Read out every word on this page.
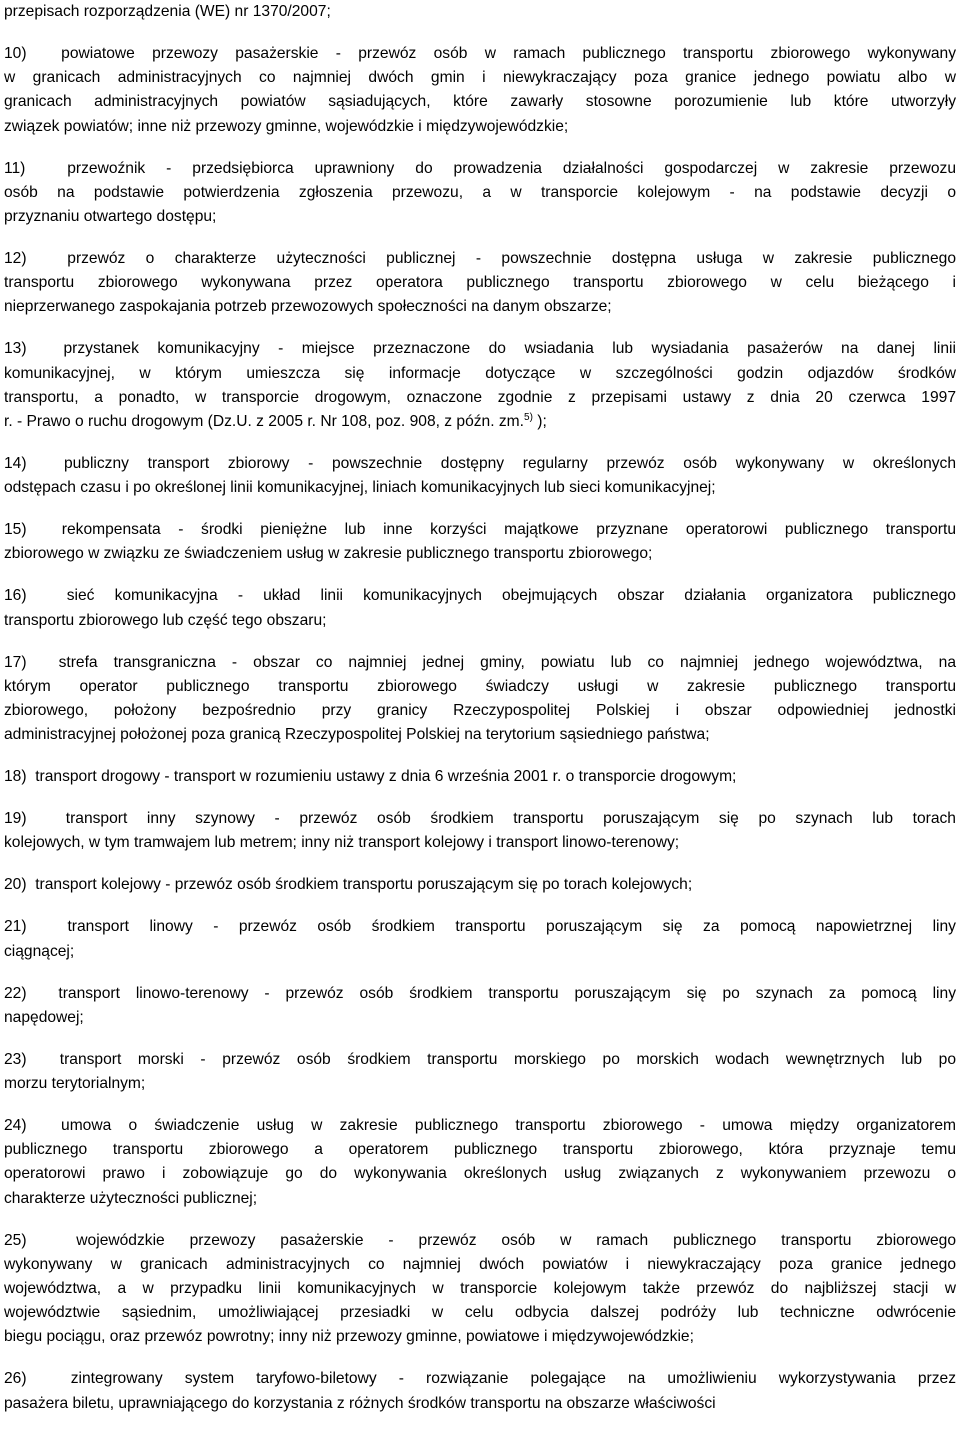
przepisach rozporządzenia (WE) nr 1370/2007;
10) powiatowe przewozy pasażerskie - przewóz osób w ramach publicznego transportu zbiorowego wykonywany
w granicach administracyjnych co najmniej dwóch gmin i niewykraczający poza granice jednego powiatu albo w
granicach administracyjnych powiatów sąsiadujących, które zawarły stosowne porozumienie lub które utworzyły
związek powiatów; inne niż przewozy gminne, wojewódzkie i międzywojewódzkie;
11)	przewoźnik - przedsiębiorca uprawniony do prowadzenia działalności gospodarczej w zakresie przewozu
osób na podstawie potwierdzenia zgłoszenia przewozu, a w transporcie kolejowym - na podstawie decyzji o
przyznaniu otwartego dostępu;
12)	przewóz o charakterze użyteczności publicznej - powszechnie dostępna usługa w zakresie publicznego
transportu zbiorowego wykonywana przez operatora publicznego transportu zbiorowego w celu bieżącego i
nieprzerwanego zaspokajania potrzeb przewozowych społeczności na danym obszarze;
13) przystanek komunikacyjny - miejsce przeznaczone do wsiadania lub wysiadania pasażerów na danej linii
komunikacyjnej, w którym umieszcza się informacje dotyczące w szczególności godzin odjazdów środków
transportu, a ponadto, w transporcie drogowym, oznaczone zgodnie z przepisami ustawy z dnia 20 czerwca 1997
r. - Prawo o ruchu drogowym (Dz.U. z 2005 r. Nr 108, poz. 908, z późn. zm.$^{5)}$ );
14) publiczny transport zbiorowy - powszechnie dostępny regularny przewóz osób wykonywany w określonych
odstępach czasu i po określonej linii komunikacyjnej, liniach komunikacyjnych lub sieci komunikacyjnej;
15) rekompensata - środki pieniężne lub inne korzyści majątkowe przyznane operatorowi publicznego transportu
zbiorowego w związku ze świadczeniem usług w zakresie publicznego transportu zbiorowego;
16)	sieć komunikacyjna - układ linii komunikacyjnych obejmujących obszar działania organizatora publicznego
transportu zbiorowego lub część tego obszaru;
17) strefa transgraniczna - obszar co najmniej jednej gminy, powiatu lub co najmniej jednego województwa, na
którym operator publicznego transportu zbiorowego świadczy usługi w zakresie publicznego transportu
zbiorowego, położony bezpośrednio przy granicy Rzeczypospolitej Polskiej i obszar odpowiedniej jednostki
administracyjnej położonej poza granicą Rzeczypospolitej Polskiej na terytorium sąsiedniego państwa;
18) transport drogowy - transport w rozumieniu ustawy z dnia 6 września 2001 r. o transporcie drogowym;
19)	transport inny szynowy - przewóz osób środkiem transportu poruszającym się po szynach lub torach
kolejowych, w tym tramwajem lub metrem; inny niż transport kolejowy i transport linowo-terenowy;
20) transport kolejowy - przewóz osób środkiem transportu poruszającym się po torach kolejowych;
21)	transport linowy - przewóz osób środkiem transportu poruszającym się za pomocą napowietrznej liny
ciągnącej;
22) transport linowo-terenowy - przewóz osób środkiem transportu poruszającym się po szynach za pomocą liny
napędowej;
23) transport morski - przewóz osób środkiem transportu morskiego po morskich wodach wewnętrznych lub po
morzu terytorialnym;
24) umowa o świadczenie usług w zakresie publicznego transportu zbiorowego - umowa między organizatorem
publicznego transportu zbiorowego a operatorem publicznego transportu zbiorowego, która przyznaje temu
operatorowi prawo i zobowiązuje go do wykonywania określonych usług związanych z wykonywaniem przewozu o
charakterze użyteczności publicznej;
25)	wojewódzkie przewozy pasażerskie - przewóz osób w ramach publicznego transportu zbiorowego
wykonywany w granicach administracyjnych co najmniej dwóch powiatów i niewykraczający poza granice jednego
województwa, a w przypadku linii komunikacyjnych w transporcie kolejowym także przewóz do najbliższej stacji w
województwie sąsiednim, umożliwiającej przesiadki w celu odbycia dalszej podróży lub techniczne odwrócenie
biegu pociągu, oraz przewóz powrotny; inny niż przewozy gminne, powiatowe i międzywojewódzkie;
26)	zintegrowany system taryfowo-biletowy - rozwiązanie polegające na umożliwieniu wykorzystywania przez
pasażera biletu, uprawniającego do korzystania z różnych środków transportu na obszarze właściwości
